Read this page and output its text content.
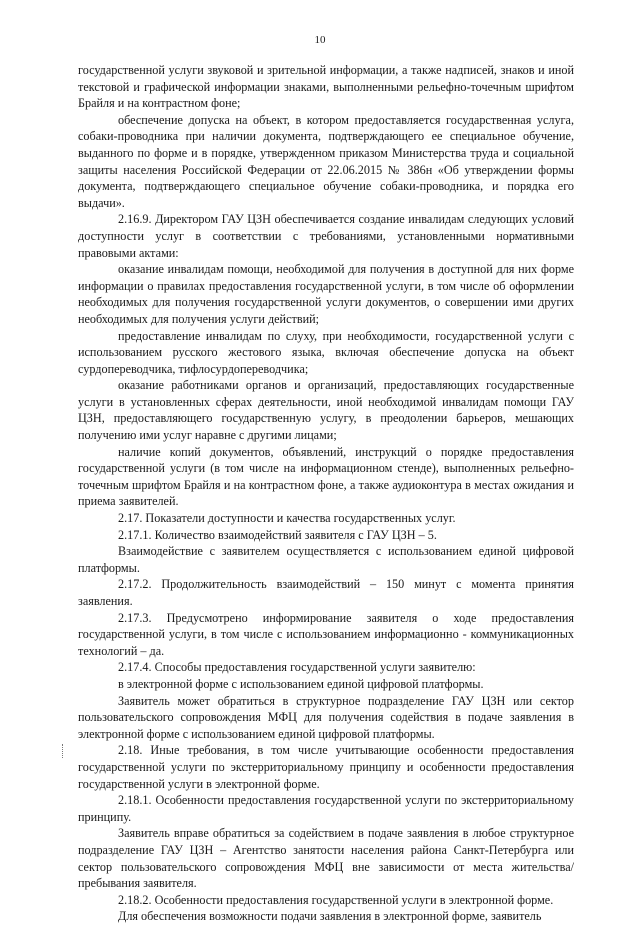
10

государственной услуги звуковой и зрительной информации, а также надписей, знаков и иной текстовой и графической информации знаками, выполненными рельефно-точечным шрифтом Брайля и на контрастном фоне;

обеспечение допуска на объект, в котором предоставляется государственная услуга, собаки-проводника при наличии документа, подтверждающего ее специальное обучение, выданного по форме и в порядке, утвержденном приказом Министерства труда и социальной защиты населения Российской Федерации от 22.06.2015 № 386н «Об утверждении формы документа, подтверждающего специальное обучение собаки-проводника, и порядка его выдачи».

2.16.9. Директором ГАУ ЦЗН обеспечивается создание инвалидам следующих условий доступности услуг в соответствии с требованиями, установленными нормативными правовыми актами:

оказание инвалидам помощи, необходимой для получения в доступной для них форме информации о правилах предоставления государственной услуги, в том числе об оформлении необходимых для получения государственной услуги документов, о совершении ими других необходимых для получения услуги действий;

предоставление инвалидам по слуху, при необходимости, государственной услуги с использованием русского жестового языка, включая обеспечение допуска на объект сурдопереводчика, тифлосурдопереводчика;

оказание работниками органов и организаций, предоставляющих государственные услуги в установленных сферах деятельности, иной необходимой инвалидам помощи ГАУ ЦЗН, предоставляющего государственную услугу, в преодолении барьеров, мешающих получению ими услуг наравне с другими лицами;

наличие копий документов, объявлений, инструкций о порядке предоставления государственной услуги (в том числе на информационном стенде), выполненных рельефно-точечным шрифтом Брайля и на контрастном фоне, а также аудиоконтура в местах ожидания и приема заявителей.

2.17. Показатели доступности и качества государственных услуг.

2.17.1. Количество взаимодействий заявителя с ГАУ ЦЗН – 5.

Взаимодействие с заявителем осуществляется с использованием единой цифровой платформы.

2.17.2. Продолжительность взаимодействий – 150 минут с момента принятия заявления.

2.17.3. Предусмотрено информирование заявителя о ходе предоставления государственной услуги, в том числе с использованием информационно - коммуникационных технологий – да.

2.17.4. Способы предоставления государственной услуги заявителю:

в электронной форме с использованием единой цифровой платформы.

Заявитель может обратиться в структурное подразделение ГАУ ЦЗН или сектор пользовательского сопровождения МФЦ для получения содействия в подаче заявления в электронной форме с использованием единой цифровой платформы.

2.18. Иные требования, в том числе учитывающие особенности предоставления государственной услуги по экстерриториальному принципу и особенности предоставления государственной услуги в электронной форме.

2.18.1. Особенности предоставления государственной услуги по экстерриториальному принципу.

Заявитель вправе обратиться за содействием в подаче заявления в любое структурное подразделение ГАУ ЦЗН – Агентство занятости населения района Санкт-Петербурга или сектор пользовательского сопровождения МФЦ вне зависимости от места жительства/пребывания заявителя.

2.18.2. Особенности предоставления государственной услуги в электронной форме.

Для обеспечения возможности подачи заявления в электронной форме, заявитель
